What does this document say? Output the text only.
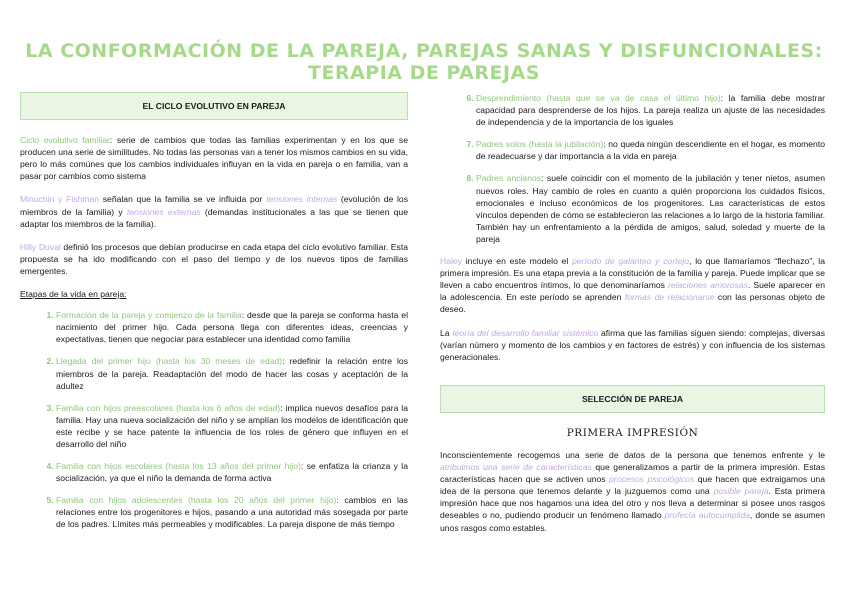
LA CONFORMACIÓN DE LA PAREJA, PAREJAS SANAS Y DISFUNCIONALES: TERAPIA DE PAREJAS
EL CICLO EVOLUTIVO EN PAREJA

Ciclo evolutivo familiar: serie de cambios que todas las familias experimentan y en los que se producen una serie de similitudes. No todas las personas van a tener los mismos cambios en su vida, pero lo más comúnes que los cambios individuales influyan en la vida en pareja o en familia, van a pasar por cambios como sistema

Minuchin y Fishman señalan que la familia se ve influida por tensiones internas (evolución de los miembros de la familia) y tensiones externas (demandas institucionales a las que se tienen que adaptar los miembros de la familia).

Hilly Duval definió los procesos que debían producirse en cada etapa del ciclo evolutivo familiar. Esta propuesta se ha ido modificando con el paso del tiempo y de los nuevos tipos de familias emergentes.

Etapas de la vida en pareja:
1. Formación de la pareja y comienzo de la familia: desde que la pareja se conforma hasta el nacimiento del primer hijo. Cada persona llega con diferentes ideas, creencias y expectativas, tienen que negociar para establecer una identidad como familia
2. Llegada del primer hijo (hasta los 30 meses de edad): redefinir la relación entre los miembros de la pareja. Readaptación del modo de hacer las cosas y aceptación de la adultez
3. Familia con hijos preescolares (hasta los 6 años de edad): implica nuevos desafíos para la familia. Hay una nueva socialización del niño y se amplían los modelos de identificación que este recibe y se hace patente la influencia de los roles de género que influyen en el desarrollo del niño
4. Familia con hijos escolares (hasta los 13 años del primer hijo): se enfatiza la crianza y la socialización, ya que el niño la demanda de forma activa
5. Familia con hijos adolescentes (hasta los 20 años del primer hijo): cambios en las relaciones entre los progenitores e hijos, pasando a una autoridad más sosegada por parte de los padres. Límites más permeables y modificables. La pareja dispone de más tiempo
6. Desprendimiento (hasta que se va de casa el último hijo): la familia debe mostrar capacidad para desprenderse de los hijos. La pareja realiza un ajuste de las necesidades de independencia y de la importancia de los iguales
7. Padres solos (hasta la jubilación): no queda ningún descendiente en el hogar, es momento de readecuarse y dar importancia a la vida en pareja
8. Padres ancianos: suele coincidir con el momento de la jubilación y tener nietos, asumen nuevos roles. Hay cambio de roles en cuanto a quién proporciona los cuidados físicos, emocionales e incluso económicos de los progenitores. Las características de estos vínculos dependen de cómo se establecieron las relaciones a lo largo de la historia familiar. También hay un enfrentamiento a la pérdida de amigos, salud, soledad y muerte de la pareja

Haley incluye en este modelo el período de galanteo y cortejo, lo que llamaríamos “flechazo”, la primera impresión. Es una etapa previa a la constitución de la familia y pareja. Puede implicar que se lleven a cabo encuentros íntimos, lo que denominaríamos relaciones amorosas. Suele aparecer en la adolescencia. En este período se aprenden formas de relacionarse con las personas objeto de deseo.

La teoría del desarrollo familiar sistémico afirma que las familias siguen siendo: complejas, diversas (varían número y momento de los cambios y en factores de estrés) y con influencia de los sistemas generacionales.

SELECCIÓN DE PAREJA
PRIMERA IMPRESIÓN

Inconscientemente recogemos una serie de datos de la persona que tenemos enfrente y le atribuimos una serie de características que generalizamos a partir de la primera impresión. Estas características hacen que se activen unos procesos psicológicos que hacen que extraigamos una idea de la persona que tenemos delante y la juzguemos como una posible pareja. Esta primera impresión hace que nos hagamos una idea del otro y nos lleva a determinar si posee unos rasgos deseables o no, pudiendo producir un fenómeno llamado profecía autocumplida, donde se asumen unos rasgos como estables.
